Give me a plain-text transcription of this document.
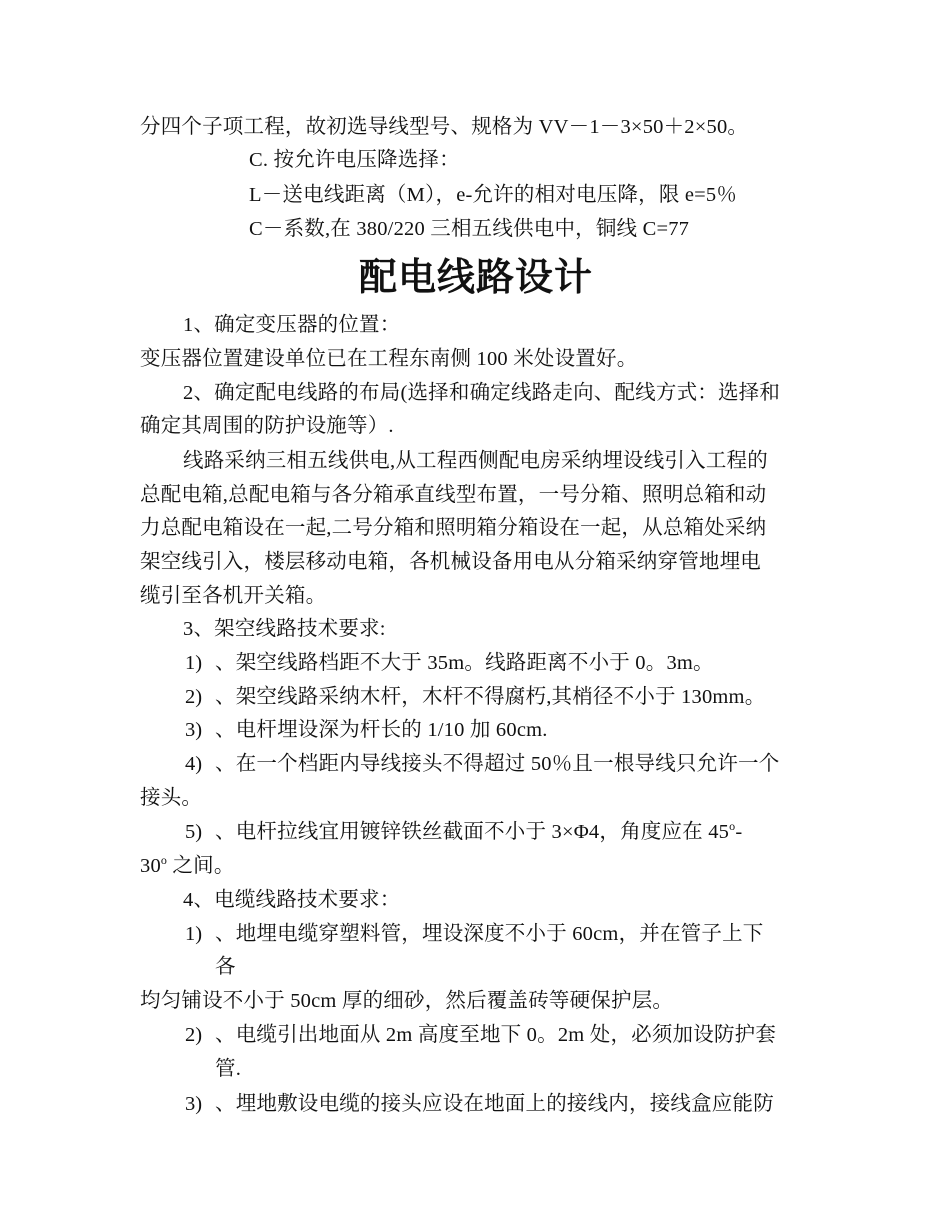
分四个子项工程，故初选导线型号、规格为 VV－1－3×50＋2×50。
C. 按允许电压降选择：
L－送电线距离（M），e-允许的相对电压降，限 e=5％
C－系数,在 380/220 三相五线供电中，铜线 C=77
配电线路设计
1、确定变压器的位置：
变压器位置建设单位已在工程东南侧 100 米处设置好。
2、确定配电线路的布局(选择和确定线路走向、配线方式：选择和
确定其周围的防护设施等）.
线路采纳三相五线供电,从工程西侧配电房采纳埋设线引入工程的
总配电箱,总配电箱与各分箱承直线型布置，一号分箱、照明总箱和动
力总配电箱设在一起,二号分箱和照明箱分箱设在一起，从总箱处采纳
架空线引入，楼层移动电箱，各机械设备用电从分箱采纳穿管地埋电
缆引至各机开关箱。
3、架空线路技术要求:
1) 、架空线路档距不大于 35m。线路距离不小于 0。3m。
2) 、架空线路采纳木杆，木杆不得腐朽,其梢径不小于 130mm。
3) 、电杆埋设深为杆长的 1/10 加 60cm.
4) 、在一个档距内导线接头不得超过 50％且一根导线只允许一个
接头。
5) 、电杆拉线宜用镀锌铁丝截面不小于 3×Φ4，角度应在 45$^o$-
30$^o$ 之间。
4、电缆线路技术要求：
1) 、地埋电缆穿塑料管，埋设深度不小于 60cm，并在管子上下
各
均匀铺设不小于 50cm 厚的细砂，然后覆盖砖等硬保护层。
2) 、电缆引出地面从 2m 高度至地下 0。2m 处，必须加设防护套
管.
3) 、埋地敷设电缆的接头应设在地面上的接线内，接线盒应能防
